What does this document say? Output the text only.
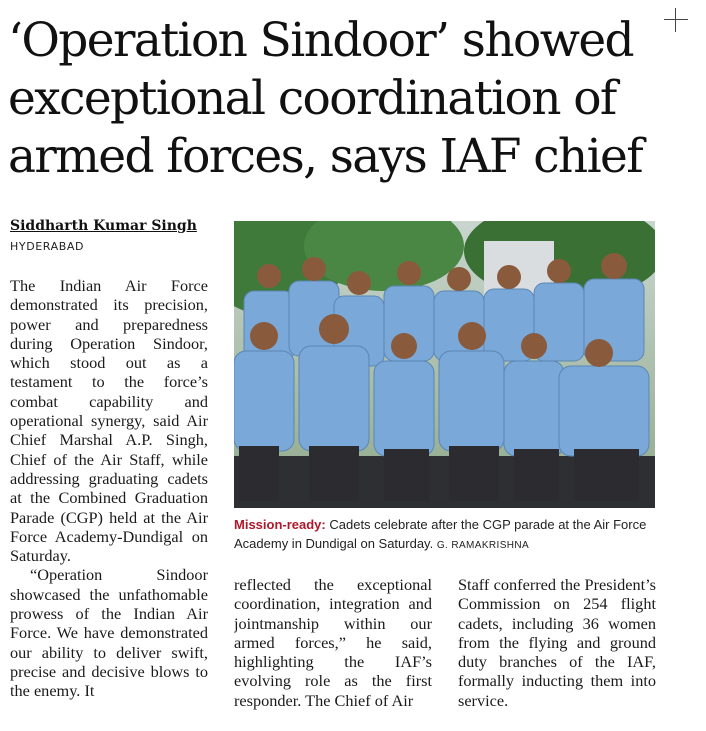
‘Operation Sindoor’ showed exceptional coordination of armed forces, says IAF chief
Siddharth Kumar Singh
HYDERABAD

The Indian Air Force demonstrated its precision, power and preparedness during Operation Sindoor, which stood out as a testament to the force’s combat capability and operational synergy, said Air Chief Marshal A.P. Singh, Chief of the Air Staff, while addressing graduating cadets at the Combined Graduation Parade (CGP) held at the Air Force Academy-Dundigal on Saturday.

“Operation Sindoor showcased the unfathomable prowess of the Indian Air Force. We have demonstrated our ability to deliver swift, precise and decisive blows to the enemy. It

Mission-ready: Cadets celebrate after the CGP parade at the Air Force Academy in Dundigal on Saturday. G. RAMAKRISHNA

reflected the exceptional coordination, integration and jointmanship within our armed forces,” he said, highlighting the IAF’s evolving role as the first responder. The Chief of Air

Staff conferred the President’s Commission on 254 flight cadets, including 36 women from the flying and ground duty branches of the IAF, formally inducting them into service.
